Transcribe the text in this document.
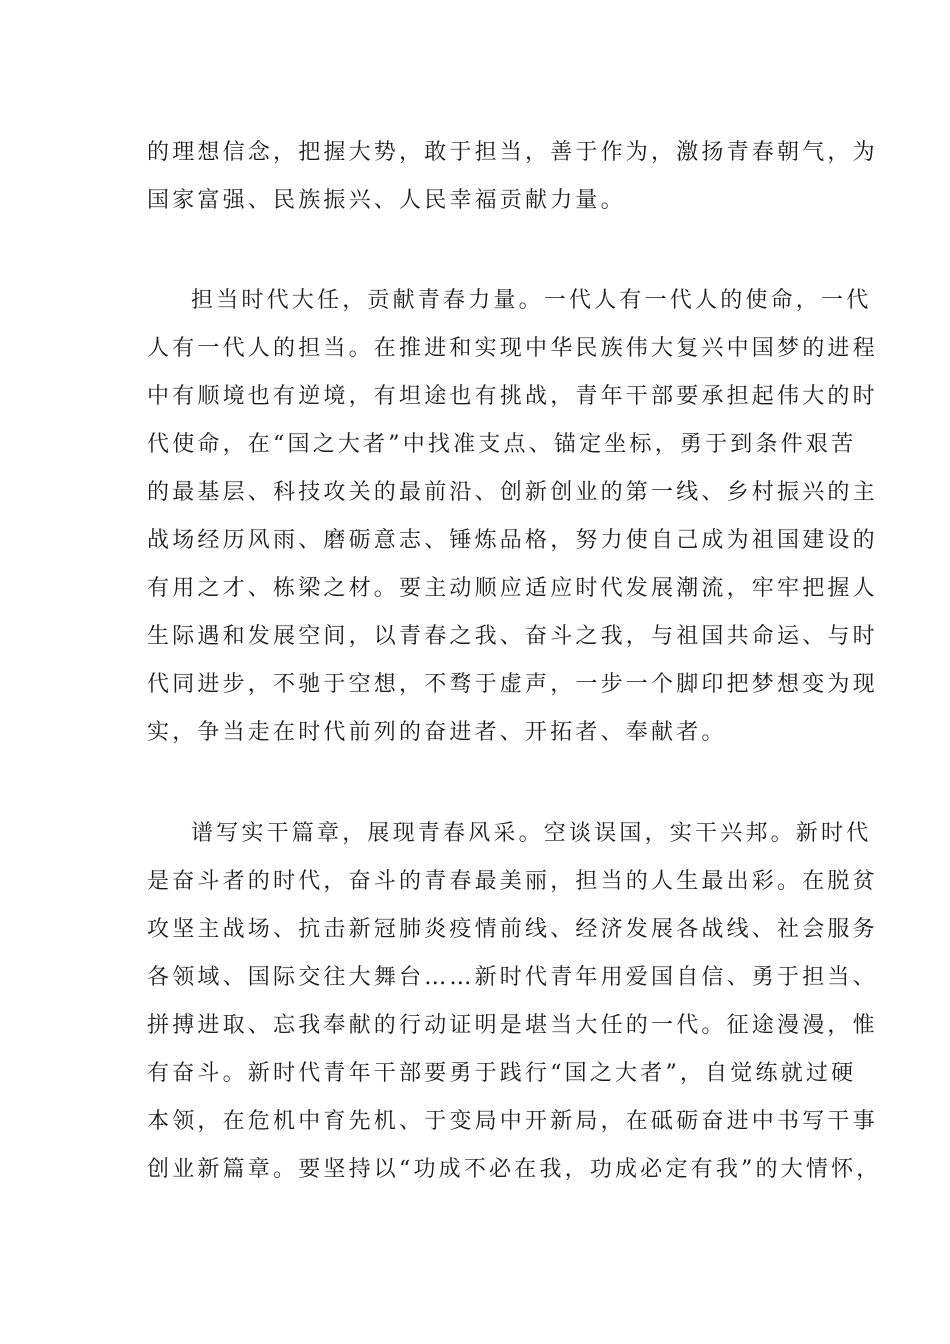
的理想信念，把握大势，敢于担当，善于作为，激扬青春朝气，为
国家富强、民族振兴、人民幸福贡献力量。
担当时代大任，贡献青春力量。一代人有一代人的使命，一代
人有一代人的担当。在推进和实现中华民族伟大复兴中国梦的进程
中有顺境也有逆境，有坦途也有挑战，青年干部要承担起伟大的时
代使命，在“国之大者”中找准支点、锚定坐标，勇于到条件艰苦
的最基层、科技攻关的最前沿、创新创业的第一线、乡村振兴的主
战场经历风雨、磨砺意志、锤炼品格，努力使自己成为祖国建设的
有用之才、栋梁之材。要主动顺应适应时代发展潮流，牢牢把握人
生际遇和发展空间，以青春之我、奋斗之我，与祖国共命运、与时
代同进步，不驰于空想，不骛于虚声，一步一个脚印把梦想变为现
实，争当走在时代前列的奋进者、开拓者、奉献者。
谱写实干篇章，展现青春风采。空谈误国，实干兴邦。新时代
是奋斗者的时代，奋斗的青春最美丽，担当的人生最出彩。在脱贫
攻坚主战场、抗击新冠肺炎疫情前线、经济发展各战线、社会服务
各领域、国际交往大舞台……新时代青年用爱国自信、勇于担当、
拼搏进取、忘我奉献的行动证明是堪当大任的一代。征途漫漫，惟
有奋斗。新时代青年干部要勇于践行“国之大者”，自觉练就过硬
本领，在危机中育先机、于变局中开新局，在砥砺奋进中书写干事
创业新篇章。要坚持以“功成不必在我，功成必定有我”的大情怀，
